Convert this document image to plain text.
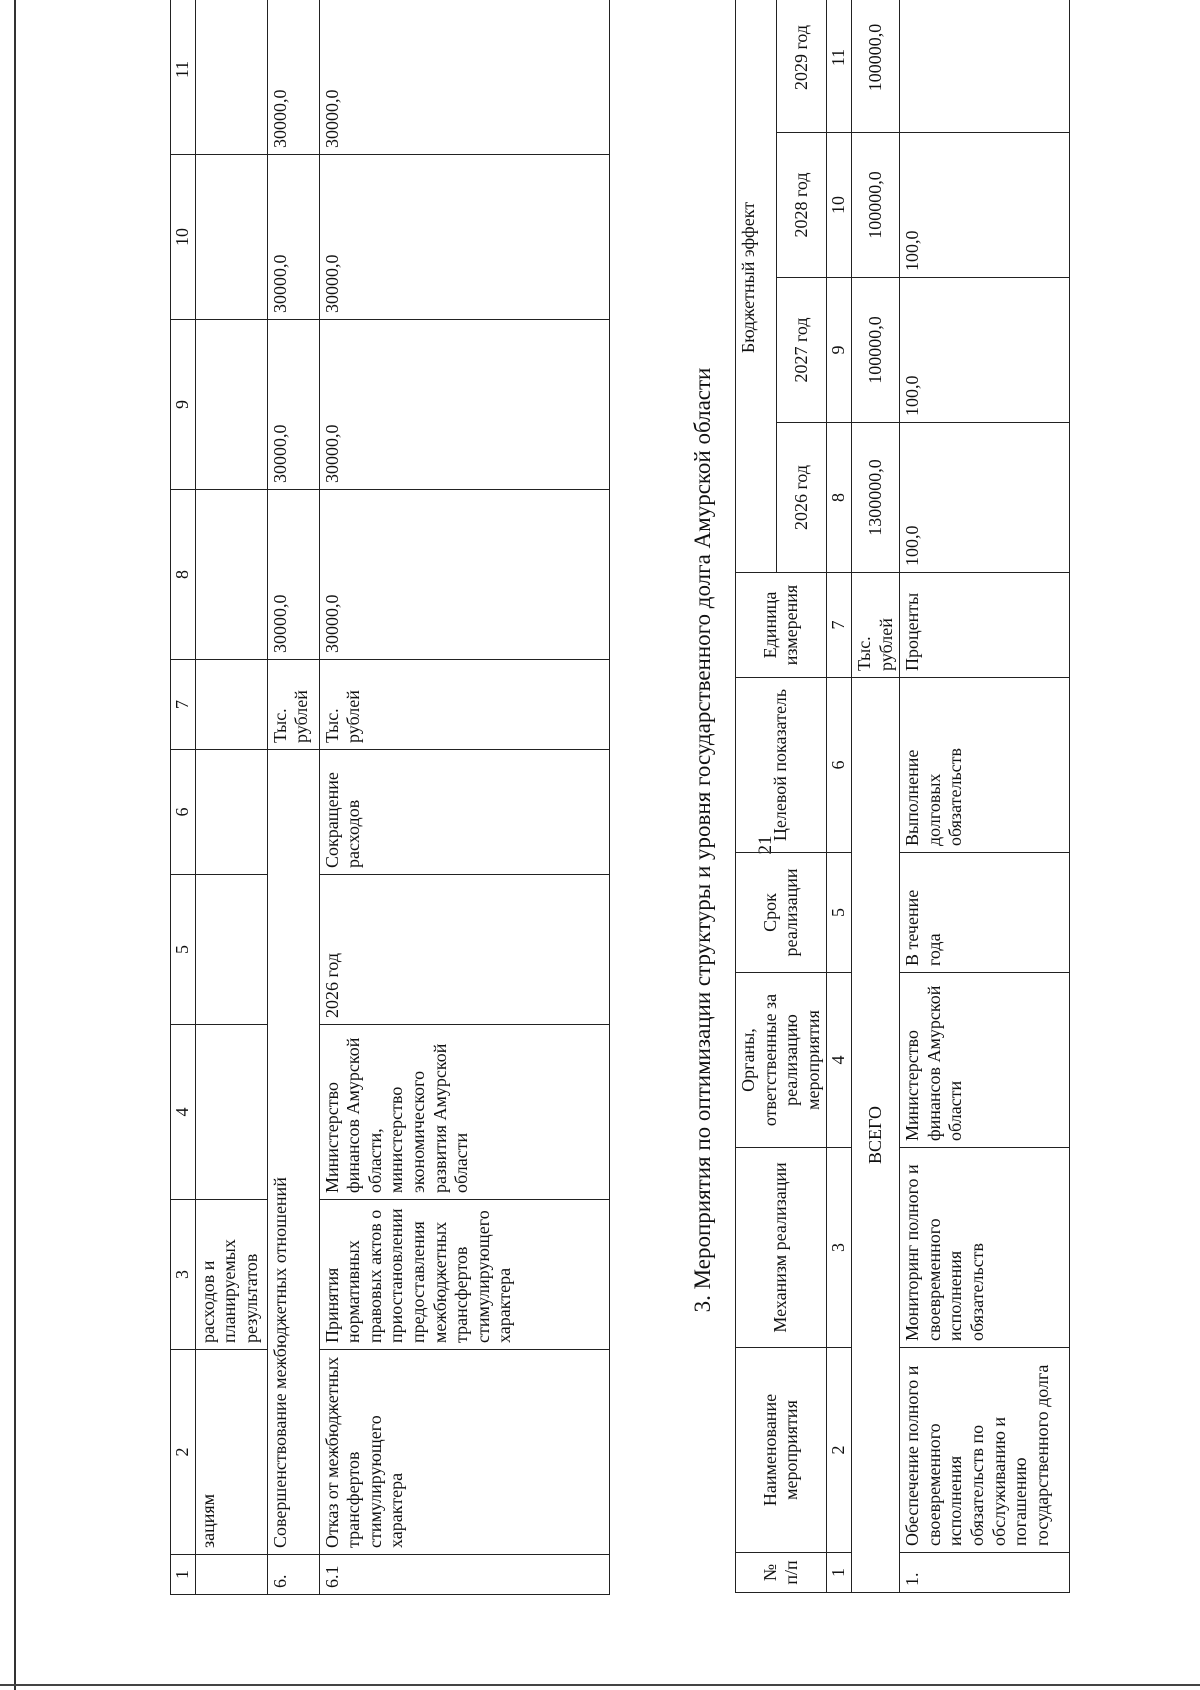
21
1	2	3	4	5	6	7	8	9	10	11
	зациям	расходов и планируемых результатов								
6.	Совершенствование межбюджетных отношений					Тыс. рублей	30000,0	30000,0	30000,0	30000,0
6.1	Отказ от межбюджетных трансфертов стимулирующего характера	Принятия нормативных правовых актов о приостановлении предоставления межбюджетных трансфертов стимулирующего характера	Министерство финансов Амурской области, министерство экономического развития Амурской области	2026 год	Сокращение расходов	Тыс. рублей	30000,0	30000,0	30000,0	30000,0
3. Мероприятия по оптимизации структуры и уровня государственного долга Амурской области
№ п/п	Наименование мероприятия	Механизм реализации	Органы, ответственные за реализацию мероприятия	Срок реализации	Целевой показатель	Единица измерения	Бюджетный эффект			
							2026 год	2027 год	2028 год	2029 год
1	2	3	4	5	6	7	8	9	10	11
ВСЕГО						Тыс. рублей	1300000,0	100000,0	100000,0	100000,0
1.	Обеспечение полного и своевременного исполнения обязательств по обслуживанию и погашению государственного долга	Мониторинг полного и своевременного исполнения обязательств	Министерство финансов Амурской области	В течение года	Выполнение долговых обязательств	Проценты	100,0	100,0	100,0	
